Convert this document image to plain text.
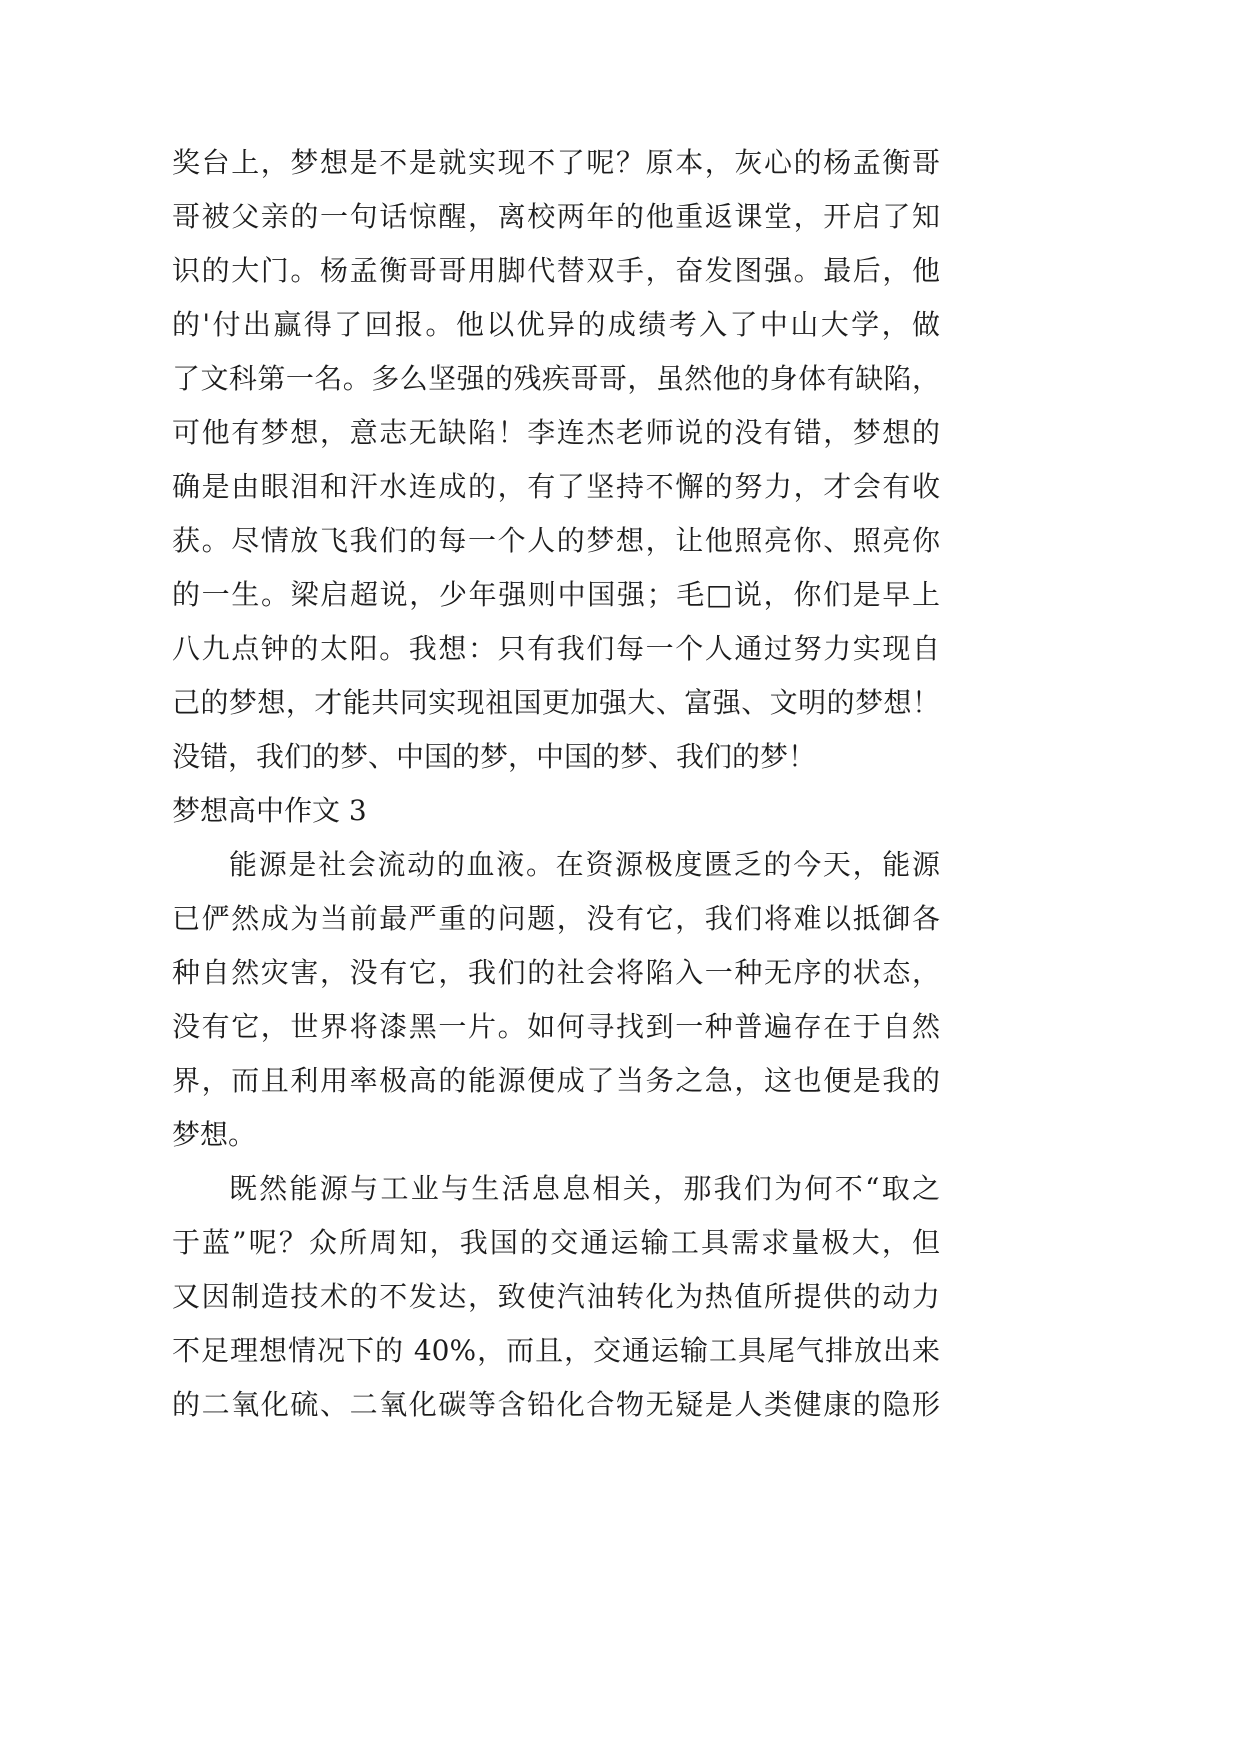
奖台上，梦想是不是就实现不了呢？原本，灰心的杨孟衡哥
哥被父亲的一句话惊醒，离校两年的他重返课堂，开启了知
识的大门。杨孟衡哥哥用脚代替双手，奋发图强。最后，他
的'付出赢得了回报。他以优异的成绩考入了中山大学，做
了文科第一名。多么坚强的残疾哥哥，虽然他的身体有缺陷，
可他有梦想，意志无缺陷！李连杰老师说的没有错，梦想的
确是由眼泪和汗水连成的，有了坚持不懈的努力，才会有收
获。尽情放飞我们的每一个人的梦想，让他照亮你、照亮你
的一生。梁启超说，少年强则中国强；毛□说，你们是早上
八九点钟的太阳。我想：只有我们每一个人通过努力实现自
己的梦想，才能共同实现祖国更加强大、富强、文明的梦想！
没错，我们的梦、中国的梦，中国的梦、我们的梦！
梦想高中作文 3
能源是社会流动的血液。在资源极度匮乏的今天，能源
已俨然成为当前最严重的问题，没有它，我们将难以抵御各
种自然灾害，没有它，我们的社会将陷入一种无序的状态，
没有它，世界将漆黑一片。如何寻找到一种普遍存在于自然
界，而且利用率极高的能源便成了当务之急，这也便是我的
梦想。
既然能源与工业与生活息息相关，那我们为何不“取之
于蓝”呢？众所周知，我国的交通运输工具需求量极大，但
又因制造技术的不发达，致使汽油转化为热值所提供的动力
不足理想情况下的 40%，而且，交通运输工具尾气排放出来
的二氧化硫、二氧化碳等含铅化合物无疑是人类健康的隐形
